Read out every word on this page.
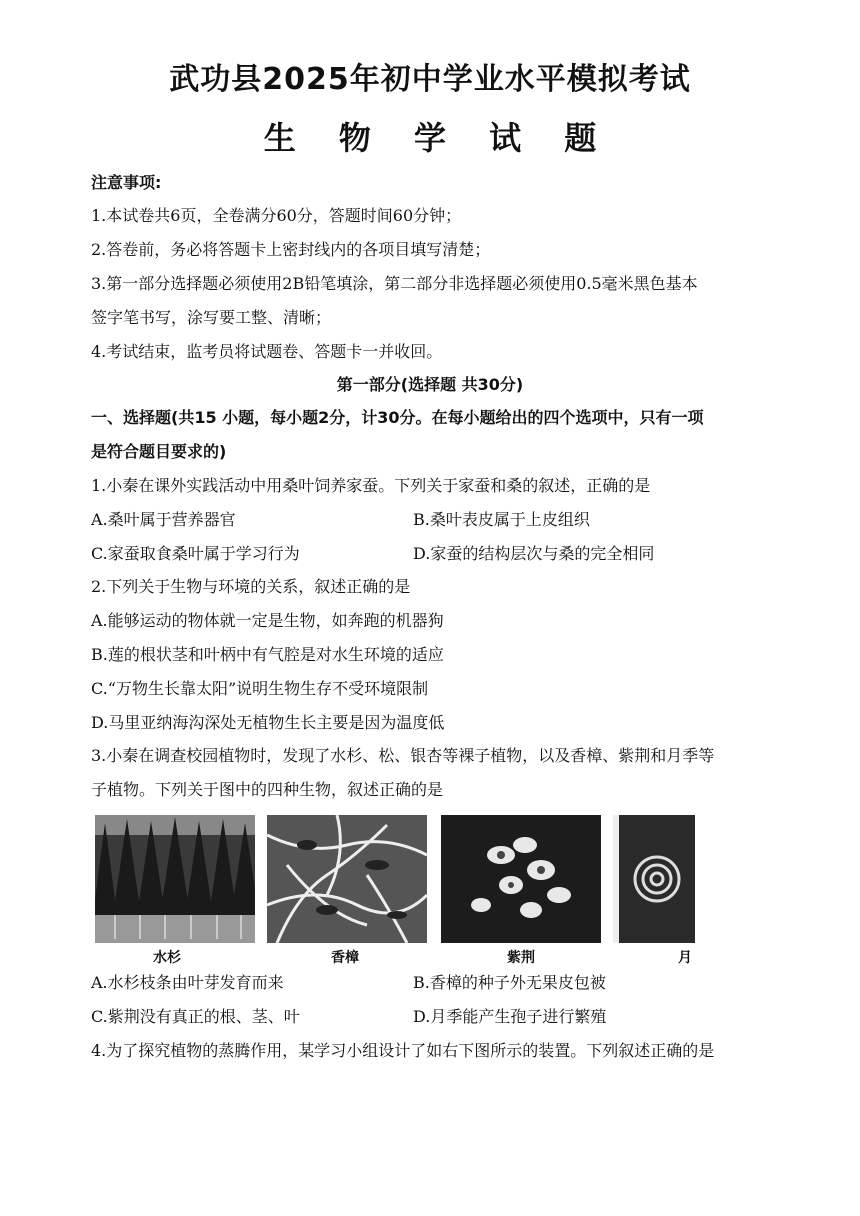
武功县2025年初中学业水平模拟考试
生 物 学 试 题
注意事项:
1.本试卷共6页，全卷满分60分，答题时间60分钟；
2.答卷前，务必将答题卡上密封线内的各项目填写清楚；
3.第一部分选择题必须使用2B铅笔填涂，第二部分非选择题必须使用0.5毫米黑色基本
签字笔书写，涂写要工整、清晰；
4.考试结束，监考员将试题卷、答题卡一并收回。
第一部分(选择题 共30分)
一、选择题(共15 小题，每小题2分，计30分。在每小题给出的四个选项中，只有一项
是符合题目要求的)
1.小秦在课外实践活动中用桑叶饲养家蚕。下列关于家蚕和桑的叙述，正确的是
A.桑叶属于营养器官	B.桑叶表皮属于上皮组织
C.家蚕取食桑叶属于学习行为	D.家蚕的结构层次与桑的完全相同
2.下列关于生物与环境的关系，叙述正确的是
A.能够运动的物体就一定是生物，如奔跑的机器狗
B.莲的根状茎和叶柄中有气腔是对水生环境的适应
C.“万物生长靠太阳”说明生物生存不受环境限制
D.马里亚纳海沟深处无植物生长主要是因为温度低
3.小秦在调查校园植物时，发现了水杉、松、银杏等裸子植物，以及香樟、紫荆和月季等
子植物。下列关于图中的四种生物，叙述正确的是
水杉	香樟	紫荆	月
A.水杉枝条由叶芽发育而来	B.香樟的种子外无果皮包被
C.紫荆没有真正的根、茎、叶	D.月季能产生孢子进行繁殖
4.为了探究植物的蒸腾作用，某学习小组设计了如右下图所示的装置。下列叙述正确的是
